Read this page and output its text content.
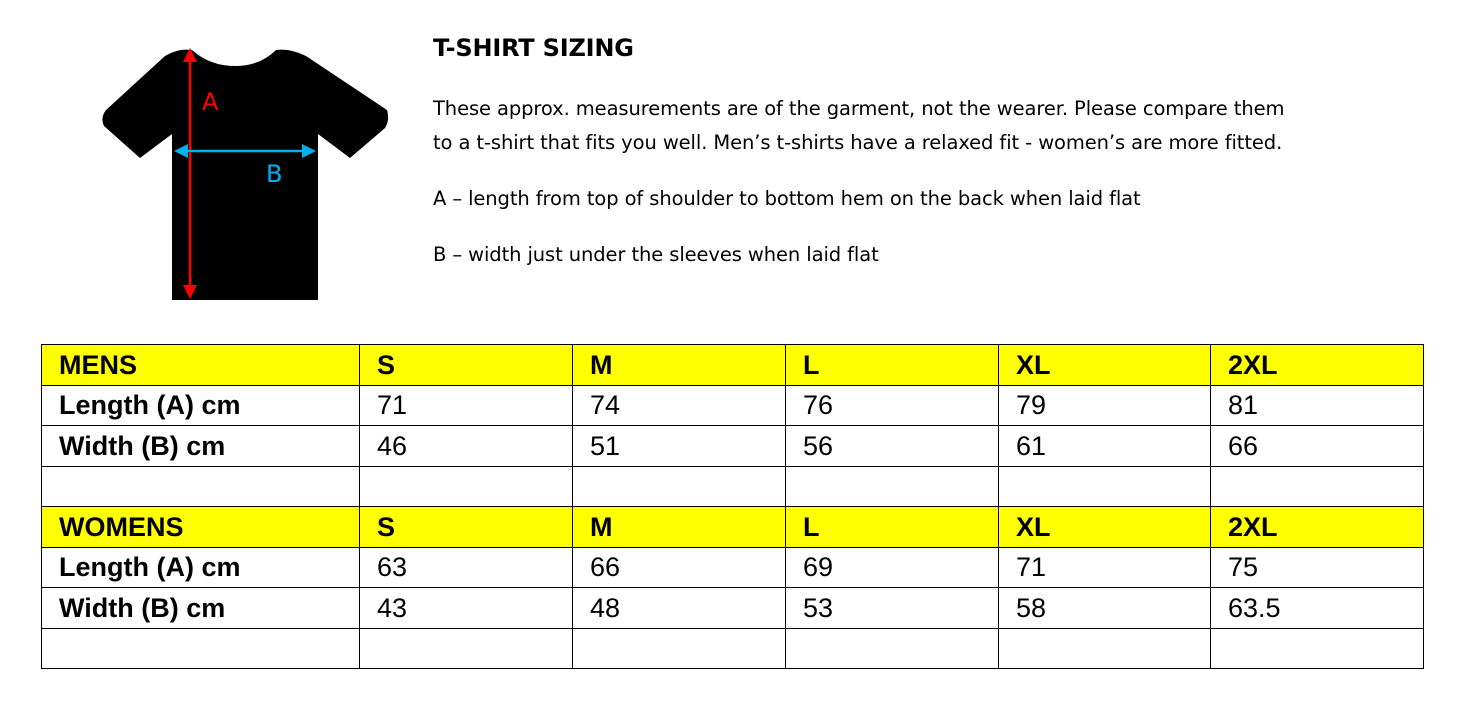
A
B
T-SHIRT SIZING

These approx. measurements are of the garment, not the wearer. Please compare them
to a t-shirt that fits you well. Men’s t-shirts have a relaxed fit - women’s are more fitted.

A – length from top of shoulder to bottom hem on the back when laid flat

B – width just under the sleeves when laid flat

MENS	S	M	L	XL	2XL
Length (A) cm	71	74	76	79	81
Width (B) cm	46	51	56	61	66

WOMENS	S	M	L	XL	2XL
Length (A) cm	63	66	69	71	75
Width (B) cm	43	48	53	58	63.5
